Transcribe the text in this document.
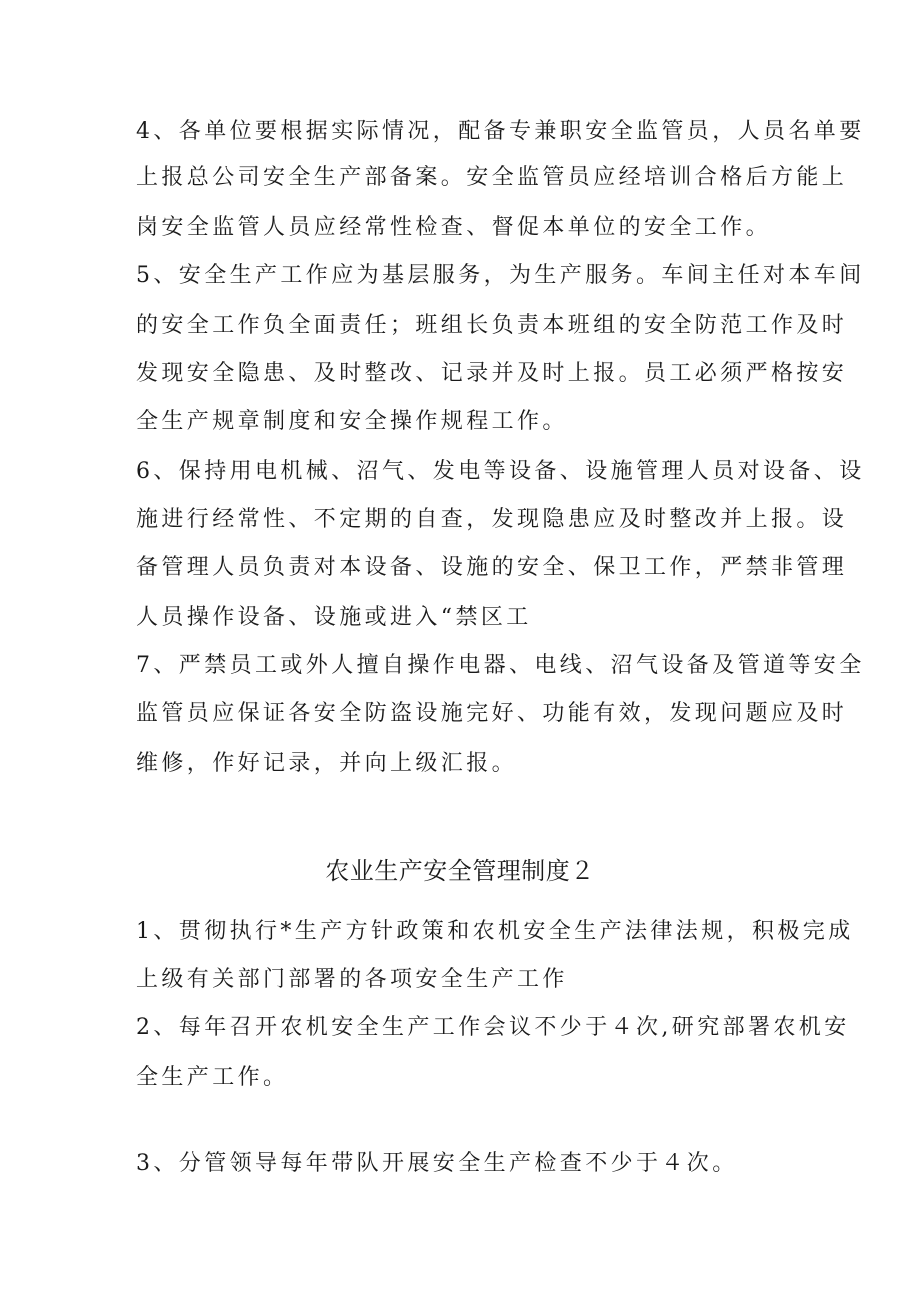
4、各单位要根据实际情况，配备专兼职安全监管员，人员名单要
上报总公司安全生产部备案。安全监管员应经培训合格后方能上
岗安全监管人员应经常性检查、督促本单位的安全工作。
5、安全生产工作应为基层服务，为生产服务。车间主任对本车间
的安全工作负全面责任；班组长负责本班组的安全防范工作及时
发现安全隐患、及时整改、记录并及时上报。员工必须严格按安
全生产规章制度和安全操作规程工作。
6、保持用电机械、沼气、发电等设备、设施管理人员对设备、设
施进行经常性、不定期的自查，发现隐患应及时整改并上报。设
备管理人员负责对本设备、设施的安全、保卫工作，严禁非管理
人员操作设备、设施或进入“禁区工
7、严禁员工或外人擅自操作电器、电线、沼气设备及管道等安全
监管员应保证各安全防盗设施完好、功能有效，发现问题应及时
维修，作好记录，并向上级汇报。
农业生产安全管理制度２
1、贯彻执行*生产方针政策和农机安全生产法律法规，积极完成
上级有关部门部署的各项安全生产工作
2、每年召开农机安全生产工作会议不少于４次,研究部署农机安
全生产工作。
3、分管领导每年带队开展安全生产检查不少于４次。
